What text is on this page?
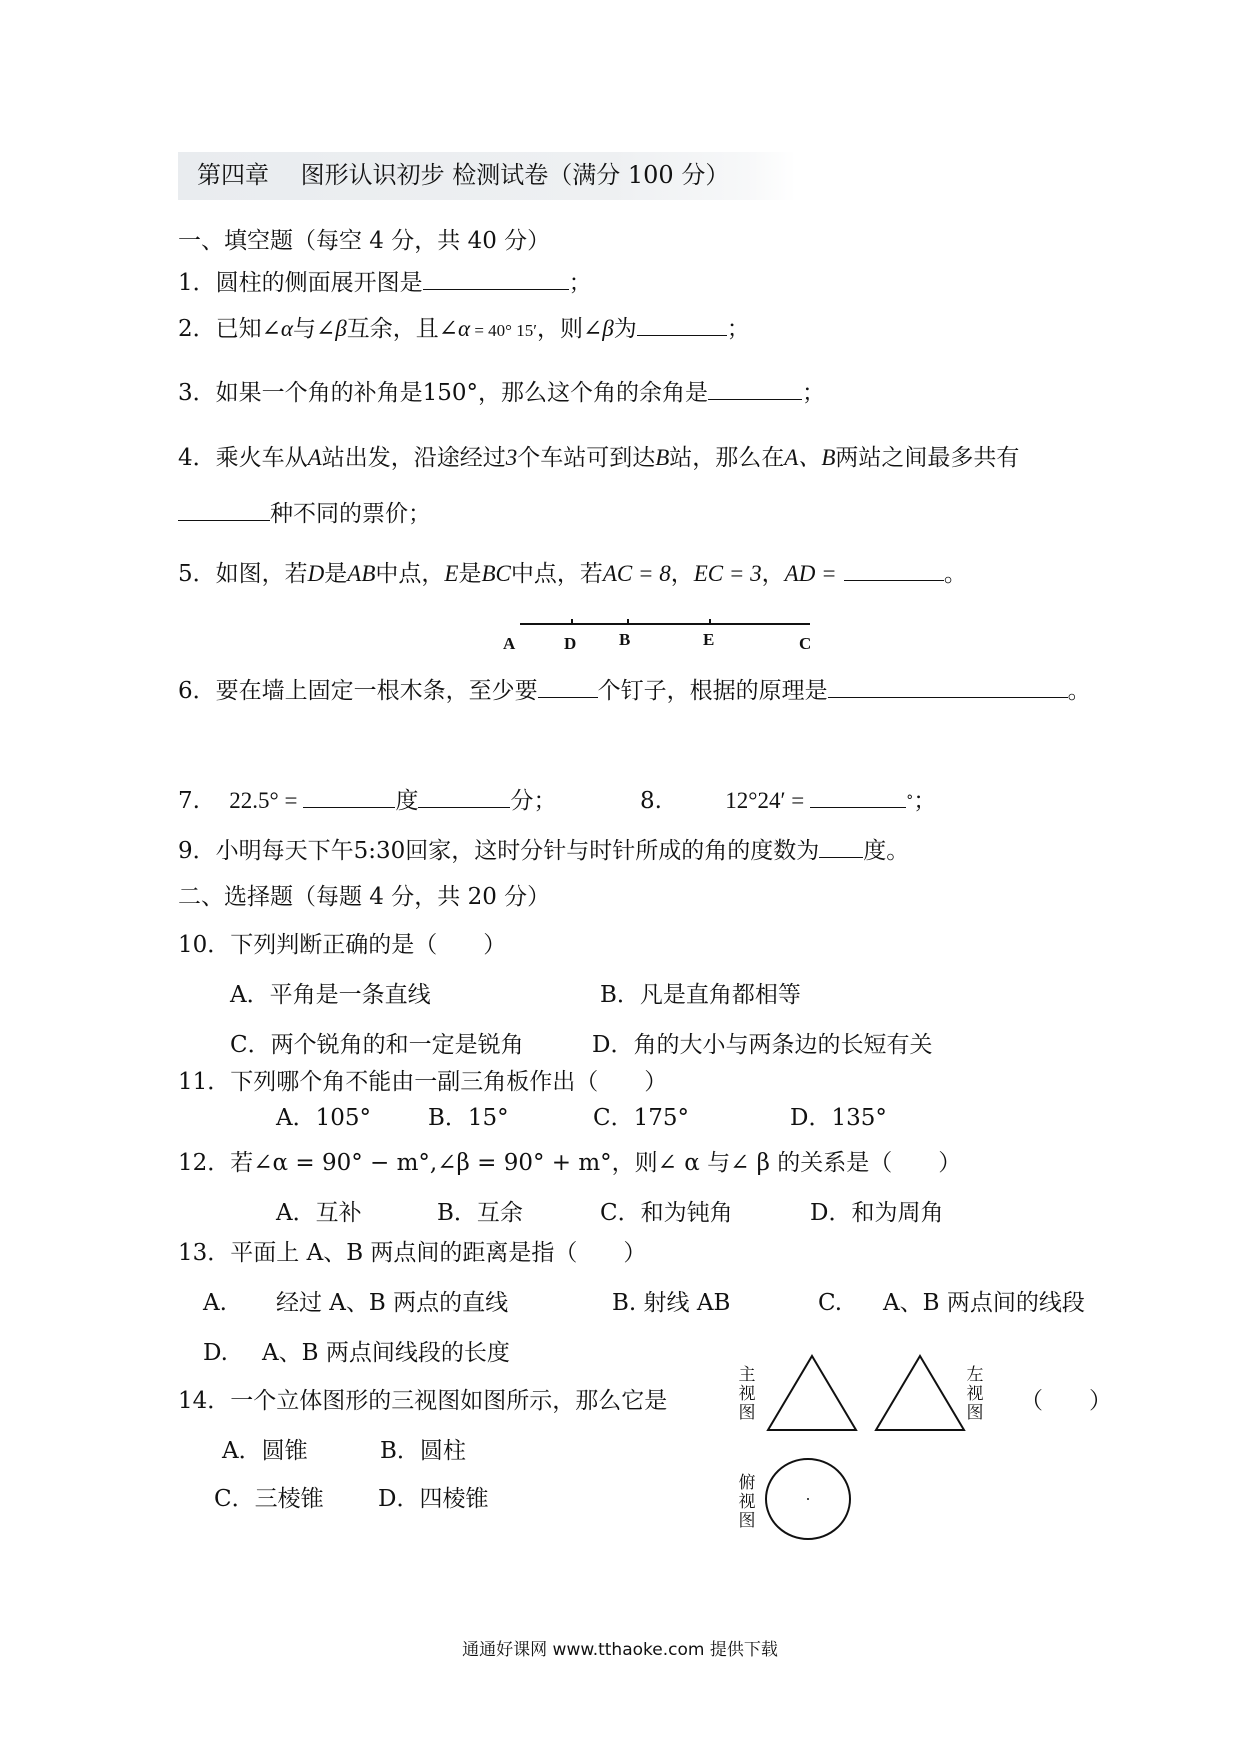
第四章　 图形认识初步 检测试卷（满分 100 分）
一、填空题（每空 4 分，共 40 分）
1．圆柱的侧面展开图是	；
2．已知∠α与∠β互余，且∠α = 40° 15′，则∠β为	；
3．如果一个角的补角是150°，那么这个角的余角是	；
4．乘火车从A站出发，沿途经过3个车站可到达B站，那么在A、B两站之间最多共有
种不同的票价；
5．如图，若D是AB中点，E是BC中点，若AC = 8，EC = 3，AD =	。
A	D	B	E	C
6．要在墙上固定一根木条，至少要	个钉子，根据的原理是	。
7. 22.5° =	度	分；	8.	12°24′ =	°；
9．小明每天下午5:30回家，这时分针与时针所成的角的度数为 度。
二、选择题（每题 4 分，共 20 分）
10．下列判断正确的是（　　）
A．平角是一条直线	B．凡是直角都相等
C．两个锐角的和一定是锐角	D．角的大小与两条边的长短有关
11．下列哪个角不能由一副三角板作出（　　）
A．105° B．15°	C．175°	D．135°
12．若∠α = 90° − m°,∠β = 90° + m°，则∠ α 与∠ β 的关系是（　　）
A．互补	B．互余	C．和为钝角	D．和为周角
13．平面上 A、B 两点间的距离是指（　　）
A. 经过 A、B 两点的直线	B. 射线 AB	C. A、B 两点间的线段
D. A、B 两点间线段的长度
14．一个立体图形的三视图如图所示，那么它是	（　　）
A．圆锥	B．圆柱
C．三棱锥 D．四棱锥
主视图
左视图
俯视图
通通好课网 www.tthaoke.com 提供下载
